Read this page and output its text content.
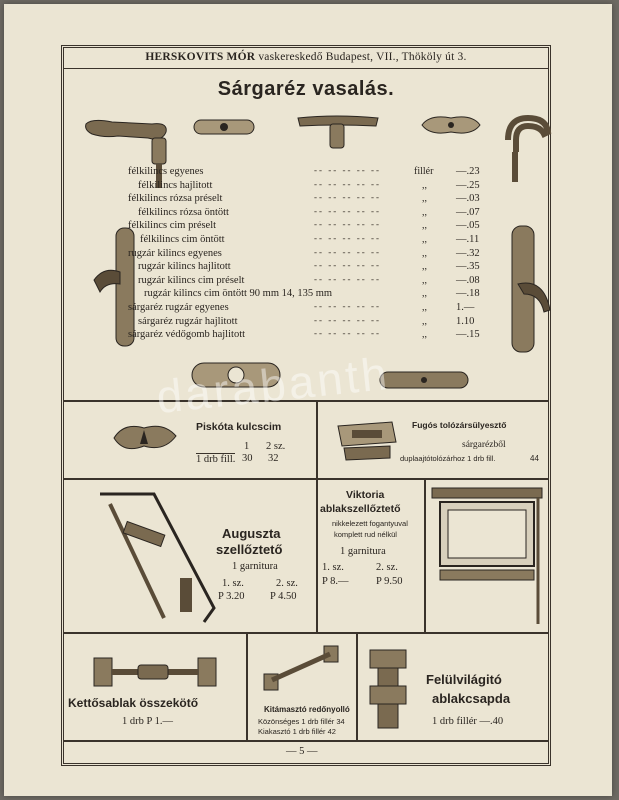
HERSKOVITS MÓR vaskereskedő Budapest, VII., Thököly út 3.
Sárgaréz vasalás.
félkilincs egyenes	-- -- -- -- --	fillér —.23
félkilincs hajlitott	-- -- -- -- --	,,	—.25
félkilincs rózsa préselt	-- -- -- -- --	,,	—.03
félkilincs rózsa öntött	-- -- -- -- --	,,	—.07
félkilincs cim préselt	-- -- -- -- --	,,	—.05
félkilincs cim öntött	-- -- -- -- --	,,	—.11
rugzár kilincs egyenes	-- -- -- -- --	,,	—.32
rugzár kilincs hajlitott	-- -- -- -- --	,,	—.35
rugzár kilincs cim préselt	-- -- -- -- --	,,	—.08
rugzár kilincs cim öntött 90 mm 14, 135 mm	,,	—.18
sárgaréz rugzár egyenes	-- -- -- -- --	,,	1.—
sárgaréz rugzár hajlitott	-- -- -- -- --	,,	1.10
sárgaréz védőgomb hajlitott	-- -- -- -- --	,,	—.15
Piskóta kulcscim
1 2 sz.
1 drb fill. 30 32
Fugós tolózársülyesztő
sárgarézből
duplaajtótolózárhoz 1 drb fill.	44
Auguszta
szellőztető
1 garnitura
1. sz.	2. sz.
P 3.20 P 4.50
Viktoria
ablakszellőztető
nikkelezett fogantyuval
komplett rud nélkül
1 garnitura
1. sz.	2. sz.
P 8.—	P 9.50
Kettősablak összekötő
1 drb P 1.—
Kitámasztó redőnyolló
Közönséges 1 drb fillér 34
Kiakasztó 1 drb fillér 42
Felülvilágitó
ablakcsapda
1 drb fillér —.40
— 5 —
darabanth
